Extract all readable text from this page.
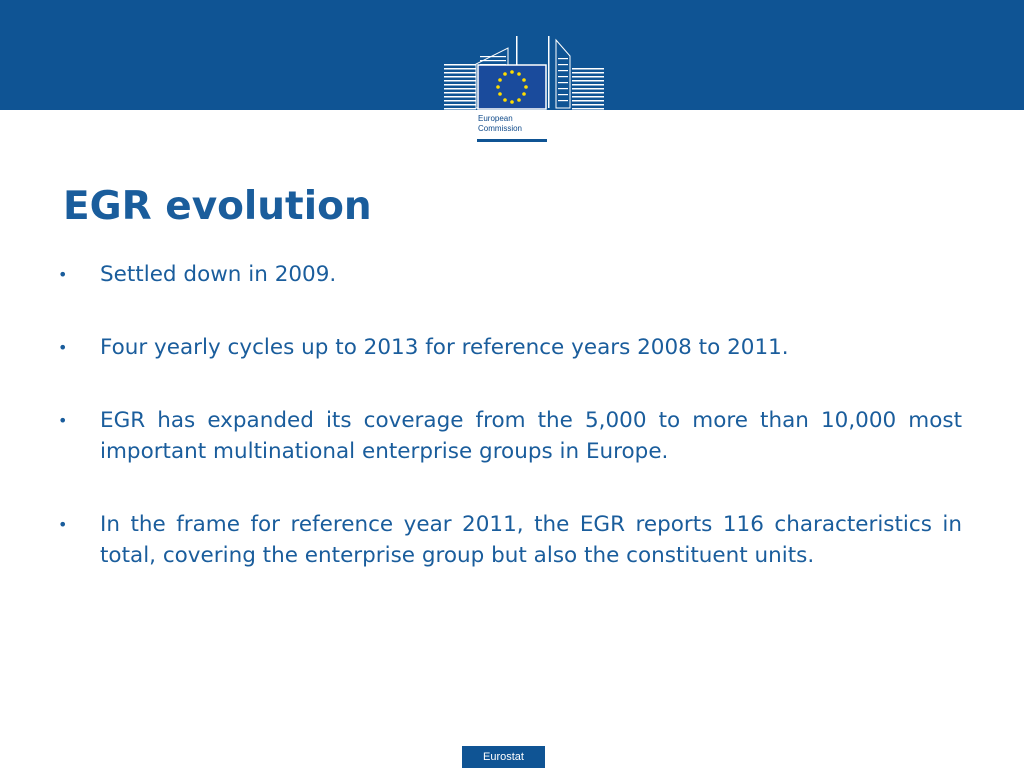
European
Commission
EGR evolution
•	Settled down in 2009.
•	Four yearly cycles up to 2013 for reference years 2008 to 2011.
•	EGR has expanded its coverage from the 5,000 to more than 10,000 most important multinational enterprise groups in Europe.
•	In the frame for reference year 2011, the EGR reports 116 characteristics in total, covering the enterprise group but also the constituent units.
Eurostat
